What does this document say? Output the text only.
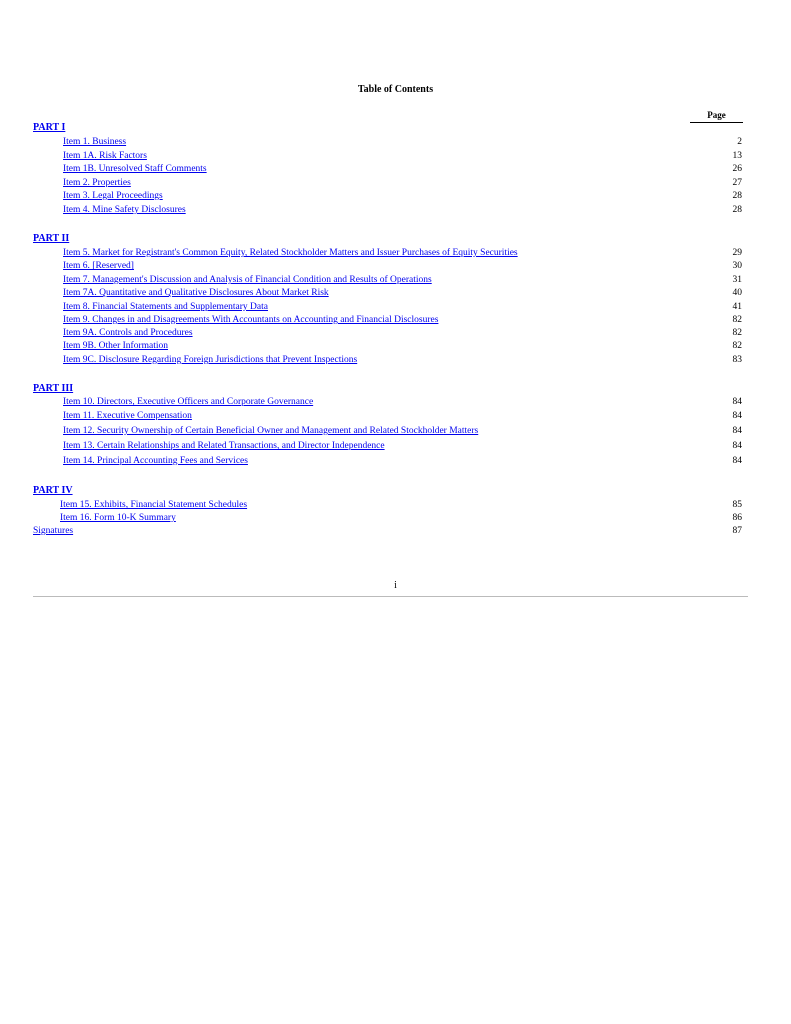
Table of Contents
Page
PART I
Item 1. Business	2
Item 1A. Risk Factors	13
Item 1B. Unresolved Staff Comments	26
Item 2. Properties	27
Item 3. Legal Proceedings	28
Item 4. Mine Safety Disclosures	28
PART II
Item 5. Market for Registrant's Common Equity, Related Stockholder Matters and Issuer Purchases of Equity Securities	29
Item 6. [Reserved]	30
Item 7. Management's Discussion and Analysis of Financial Condition and Results of Operations	31
Item 7A. Quantitative and Qualitative Disclosures About Market Risk	40
Item 8. Financial Statements and Supplementary Data	41
Item 9. Changes in and Disagreements With Accountants on Accounting and Financial Disclosures	82
Item 9A. Controls and Procedures	82
Item 9B. Other Information	82
Item 9C. Disclosure Regarding Foreign Jurisdictions that Prevent Inspections	83
PART III
Item 10. Directors, Executive Officers and Corporate Governance	84
Item 11. Executive Compensation	84
Item 12. Security Ownership of Certain Beneficial Owner and Management and Related Stockholder Matters	84
Item 13. Certain Relationships and Related Transactions, and Director Independence	84
Item 14. Principal Accounting Fees and Services	84
PART IV
Item 15. Exhibits, Financial Statement Schedules	85
Item 16. Form 10-K Summary	86
Signatures	87
i
